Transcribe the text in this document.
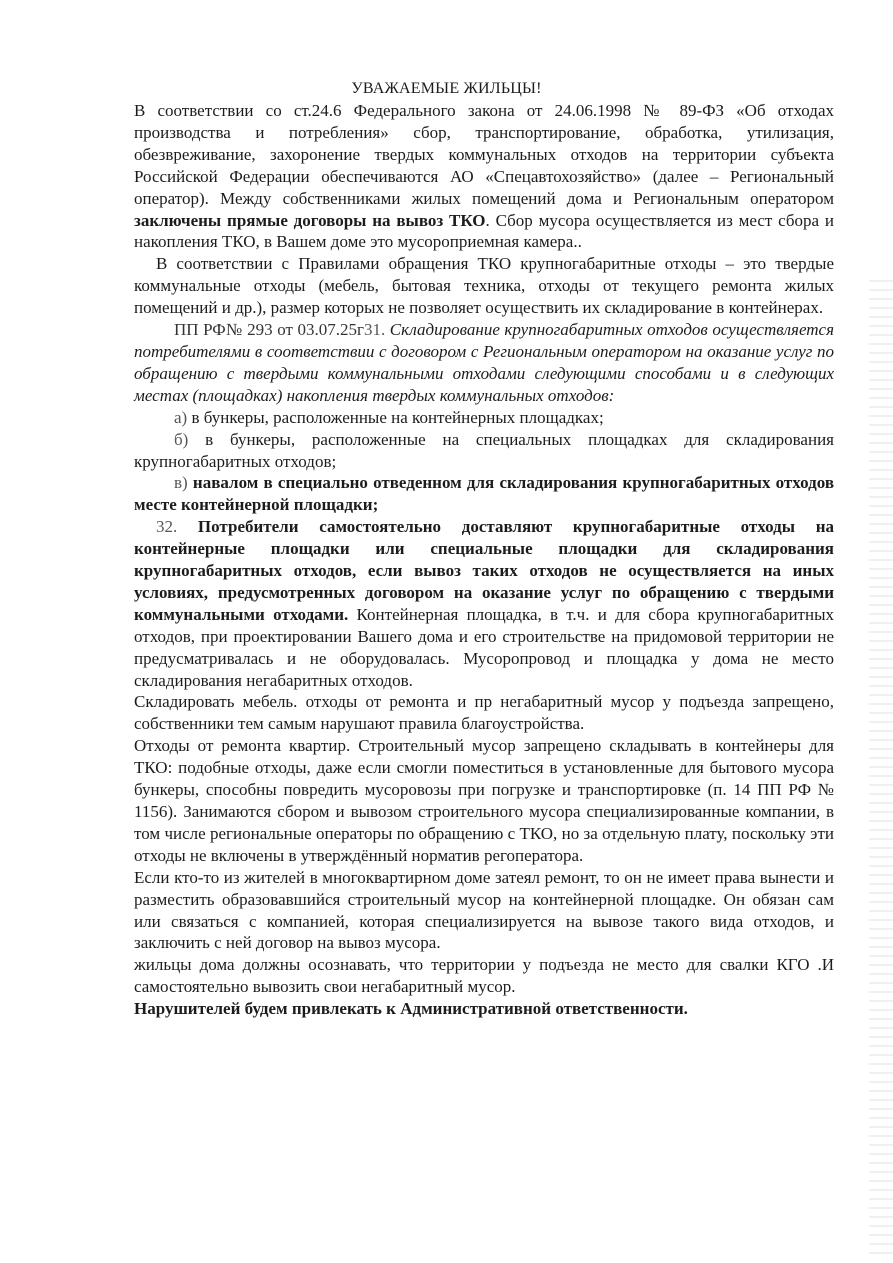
УВАЖАЕМЫЕ ЖИЛЬЦЫ!

В соответствии со ст.24.6 Федерального закона от 24.06.1998 № 89-ФЗ «Об отходах производства и потребления» сбор, транспортирование, обработка, утилизация, обезвреживание, захоронение твердых коммунальных отходов на территории субъекта Российской Федерации обеспечиваются АО «Спецавтохозяйство» (далее – Региональный оператор). Между собственниками жилых помещений дома и Региональным оператором заключены прямые договоры на вывоз ТКО. Сбор мусора осуществляется из мест сбора и накопления ТКО, в Вашем доме это мусороприемная камера..

В соответствии с Правилами обращения ТКО крупногабаритные отходы – это твердые коммунальные отходы (мебель, бытовая техника, отходы от текущего ремонта жилых помещений и др.), размер которых не позволяет осуществить их складирование в контейнерах.

ПП РФ№ 293 от 03.07.25г31. Складирование крупногабаритных отходов осуществляется потребителями в соответствии с договором с Региональным оператором на оказание услуг по обращению с твердыми коммунальными отходами следующими способами и в следующих местах (площадках) накопления твердых коммунальных отходов:

а) в бункеры, расположенные на контейнерных площадках;

б) в бункеры, расположенные на специальных площадках для складирования крупногабаритных отходов;

в) навалом в специально отведенном для складирования крупногабаритных отходов месте контейнерной площадки;

32. Потребители самостоятельно доставляют крупногабаритные отходы на контейнерные площадки или специальные площадки для складирования крупногабаритных отходов, если вывоз таких отходов не осуществляется на иных условиях, предусмотренных договором на оказание услуг по обращению с твердыми коммунальными отходами. Контейнерная площадка, в т.ч. и для сбора крупногабаритных отходов, при проектировании Вашего дома и его строительстве на придомовой территории не предусматривалась и не оборудовалась. Мусоропровод и площадка у дома не место складирования негабаритных отходов.

Складировать мебель. отходы от ремонта и пр негабаритный мусор у подъезда запрещено, собственники тем самым нарушают правила благоустройства.

Отходы от ремонта квартир. Строительный мусор запрещено складывать в контейнеры для ТКО: подобные отходы, даже если смогли поместиться в установленные для бытового мусора бункеры, способны повредить мусоровозы при погрузке и транспортировке (п. 14 ПП РФ № 1156). Занимаются сбором и вывозом строительного мусора специализированные компании, в том числе региональные операторы по обращению с ТКО, но за отдельную плату, поскольку эти отходы не включены в утверждённый норматив регоператора.

Если кто-то из жителей в многоквартирном доме затеял ремонт, то он не имеет права вынести и разместить образовавшийся строительный мусор на контейнерной площадке. Он обязан сам или связаться с компанией, которая специализируется на вывозе такого вида отходов, и заключить с ней договор на вывоз мусора.

жильцы дома должны осознавать, что территории у подъезда не место для свалки КГО .И самостоятельно вывозить свои негабаритный мусор.

Нарушителей будем привлекать к Административной ответственности.
